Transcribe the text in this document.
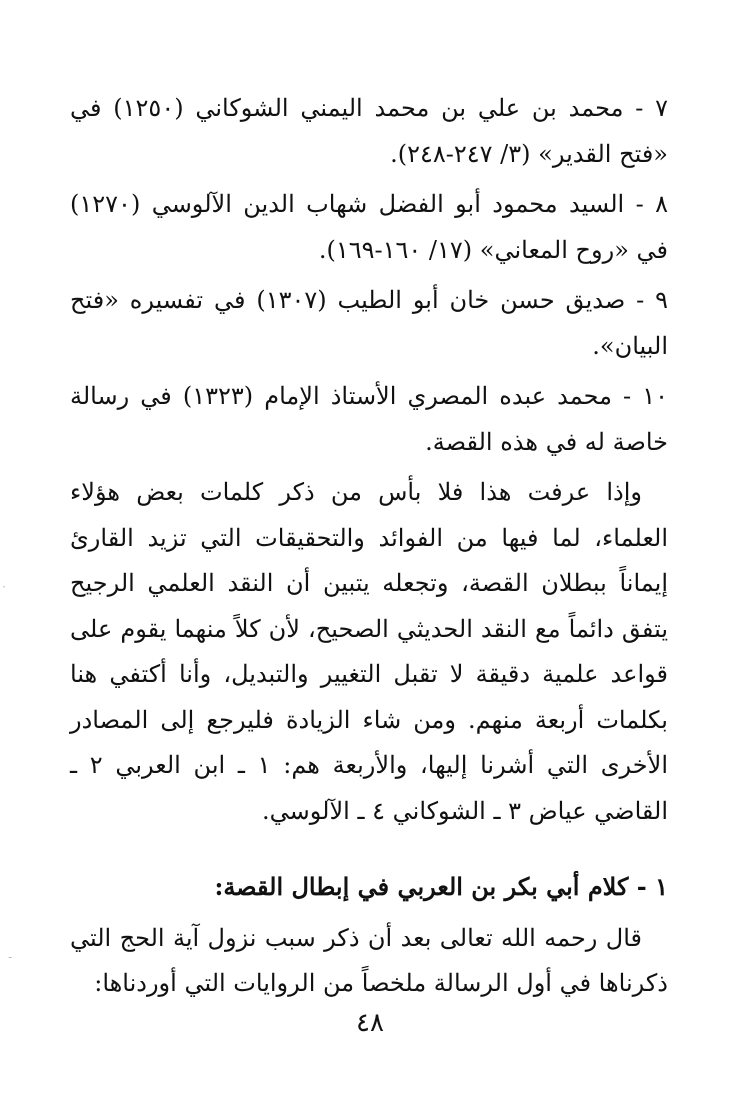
٧ - محمد بن علي بن محمد اليمني الشوكاني (١٢٥٠) في «فتح القدير» (٣/ ٢٤٧-٢٤٨).

٨ - السيد محمود أبو الفضل شهاب الدين الآلوسي (١٢٧٠) في «روح المعاني» (١٧/ ١٦٠-١٦٩).

٩ - صديق حسن خان أبو الطيب (١٣٠٧) في تفسيره «فتح البيان».

١٠ - محمد عبده المصري الأستاذ الإمام (١٣٢٣) في رسالة خاصة له في هذه القصة.

وإذا عرفت هذا فلا بأس من ذكر كلمات بعض هؤلاء العلماء، لما فيها من الفوائد والتحقيقات التي تزيد القارئ إيماناً ببطلان القصة، وتجعله يتبين أن النقد العلمي الرجيح يتفق دائماً مع النقد الحديثي الصحيح، لأن كلاً منهما يقوم على قواعد علمية دقيقة لا تقبل التغيير والتبديل، وأنا أكتفي هنا بكلمات أربعة منهم. ومن شاء الزيادة فليرجع إلى المصادر الأخرى التي أشرنا إليها، والأربعة هم: ١ ـ ابن العربي ٢ ـ القاضي عياض ٣ ـ الشوكاني ٤ ـ الآلوسي.

١ - كلام أبي بكر بن العربي في إبطال القصة:

قال رحمه الله تعالى بعد أن ذكر سبب نزول آية الحج التي ذكرناها في أول الرسالة ملخصاً من الروايات التي أوردناها:

٤٨
·
-
